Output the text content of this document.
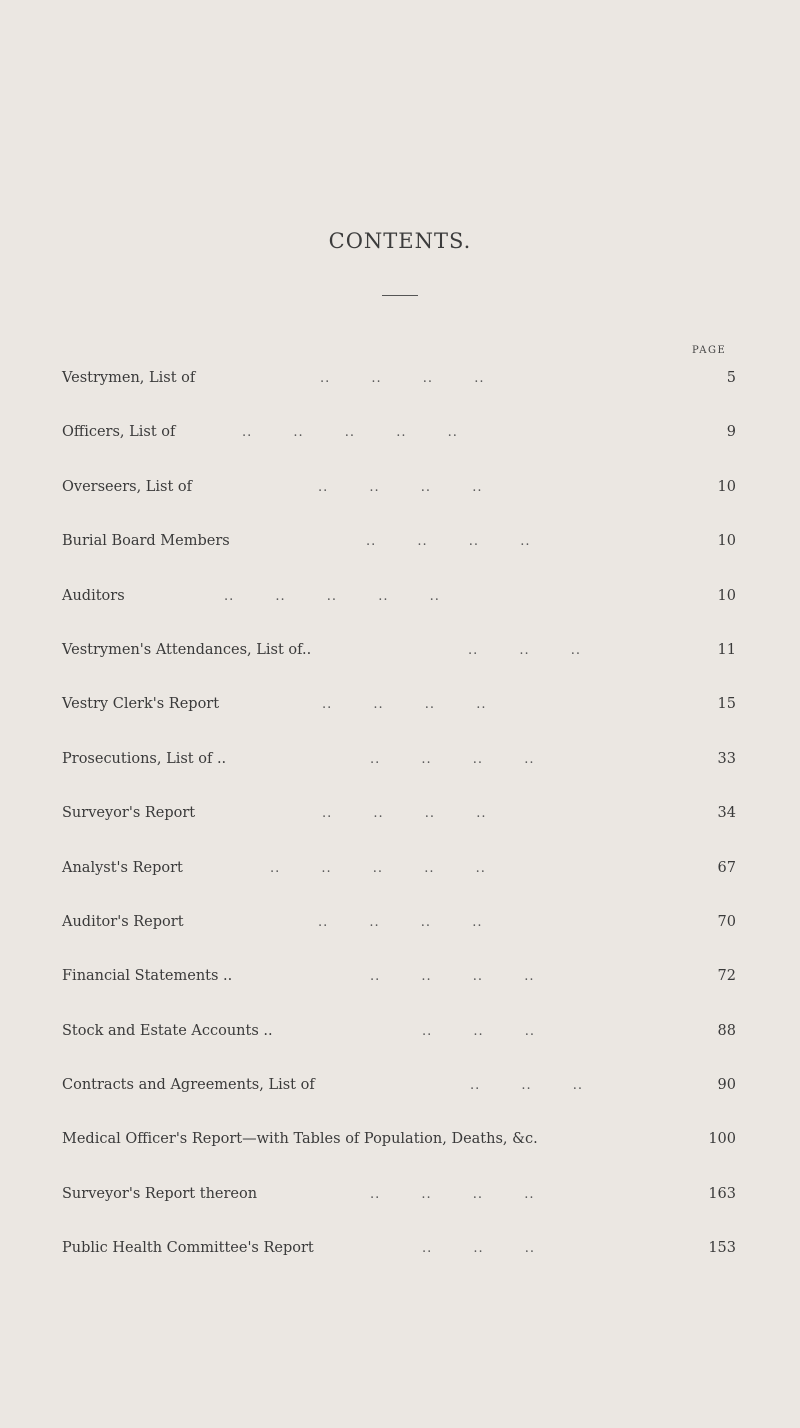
CONTENTS.
PAGE
Vestrymen, List of	.. .. .. ..	5
Officers, List of	.. .. .. .. ..	9
Overseers, List of	.. .. .. ..	10
Burial Board Members	.. .. .. ..	10
Auditors	.. .. .. .. ..	10
Vestrymen's Attendances, List of..	.. .. ..	11
Vestry Clerk's Report	.. .. .. ..	15
Prosecutions, List of ..	.. .. .. ..	33
Surveyor's Report	.. .. .. ..	34
Analyst's Report	.. .. .. .. ..	67
Auditor's Report	.. .. .. ..	70
Financial Statements ..	.. .. .. ..	72
Stock and Estate Accounts ..	.. .. ..	88
Contracts and Agreements, List of	.. .. ..	90
Medical Officer's Report—with Tables of Population, Deaths, &c.	100
Surveyor's Report thereon	.. .. .. ..	163
Public Health Committee's Report	.. .. ..	153
